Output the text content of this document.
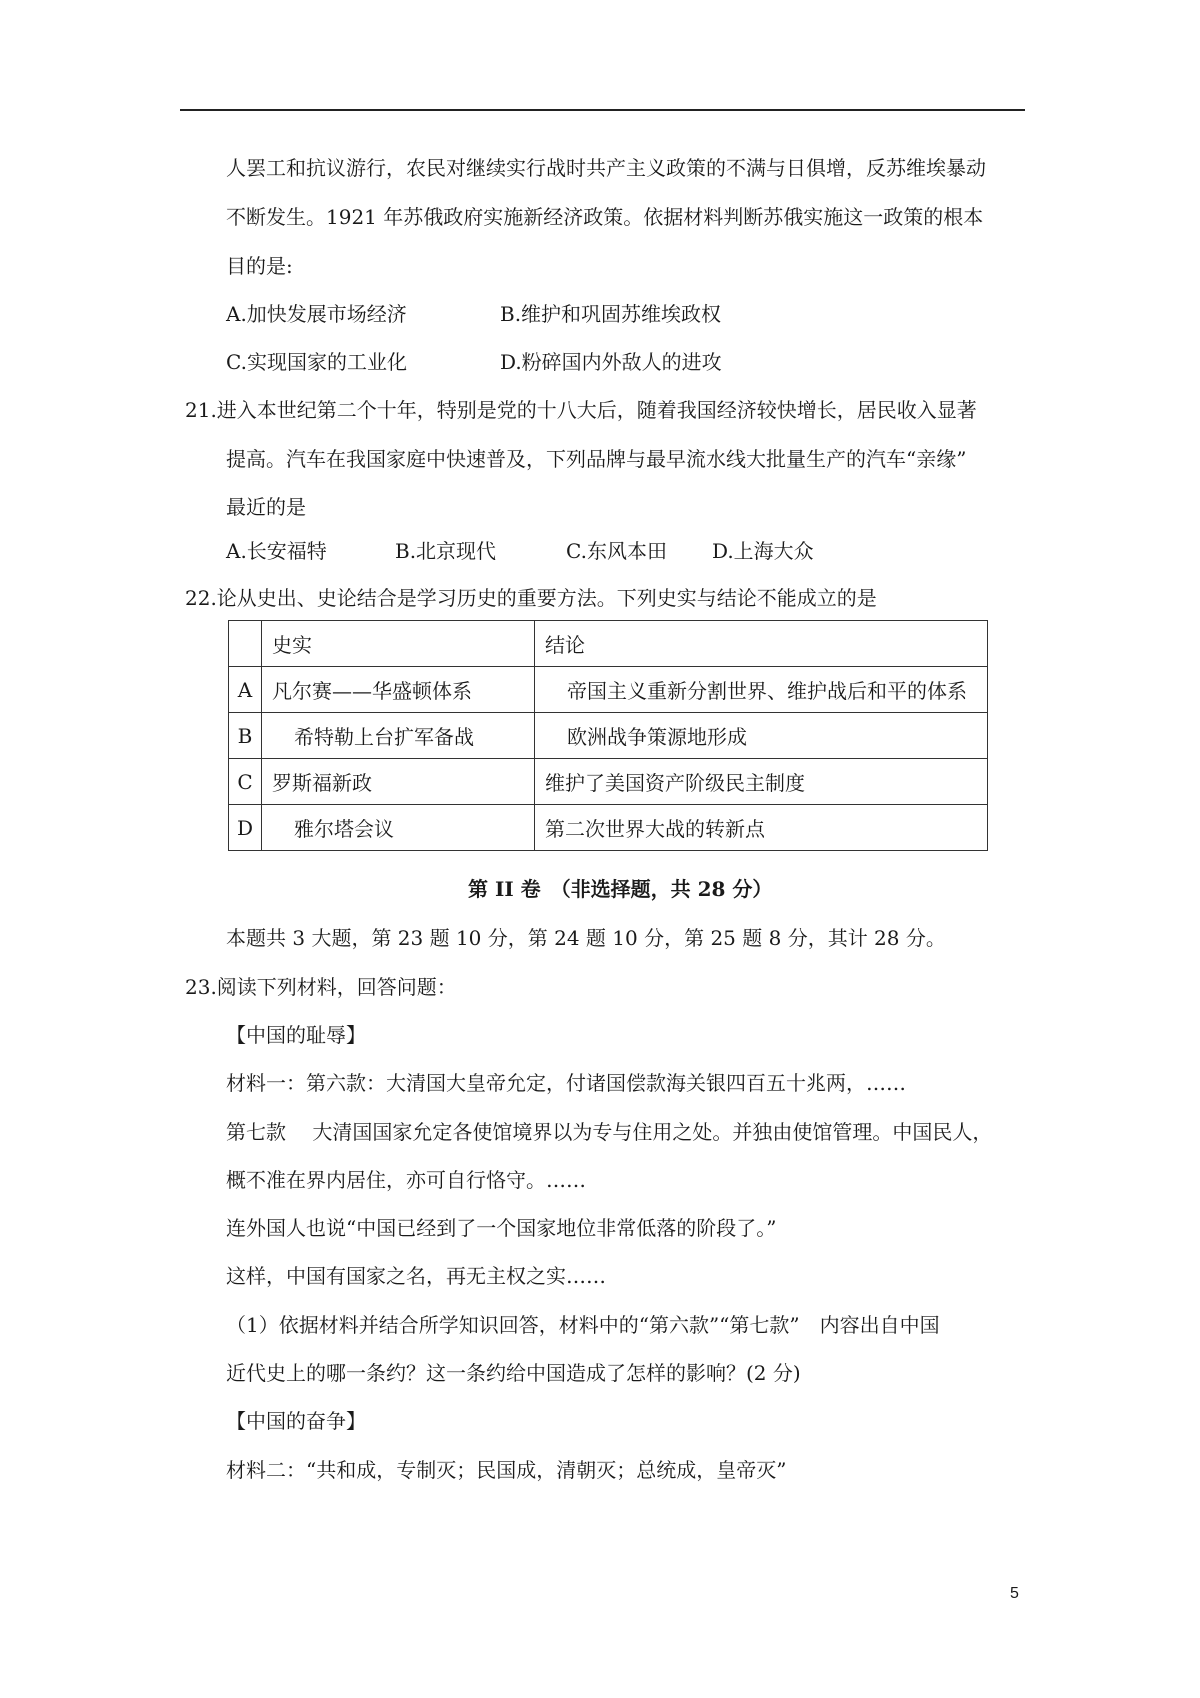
人罢工和抗议游行，农民对继续实行战时共产主义政策的不满与日俱增，反苏维埃暴动
不断发生。1921 年苏俄政府实施新经济政策。依据材料判断苏俄实施这一政策的根本
目的是:
A.加快发展市场经济	B.维护和巩固苏维埃政权
C.实现国家的工业化	D.粉碎国内外敌人的进攻
21.进入本世纪第二个十年，特别是党的十八大后，随着我国经济较快增长，居民收入显著
提高。汽车在我国家庭中快速普及，下列品牌与最早流水线大批量生产的汽车“亲缘”
最近的是
A.长安福特	B.北京现代	C.东风本田 D.上海大众
22.论从史出、史论结合是学习历史的重要方法。下列史实与结论不能成立的是
	史实	结论
A	凡尔赛——华盛顿体系	帝国主义重新分割世界、维护战后和平的体系
B	希特勒上台扩军备战	欧洲战争策源地形成
C	罗斯福新政	维护了美国资产阶级民主制度
D	雅尔塔会议	第二次世界大战的转新点
第 II 卷　（非选择题，共 28 分）
本题共 3 大题，第 23 题 10 分，第 24 题 10 分，第 25 题 8 分，其计 28 分。
23.阅读下列材料，回答问题：
【中国的耻辱】
材料一：第六款：大清国大皇帝允定，付诸国偿款海关银四百五十兆两，……
第七款　 大清国国家允定各使馆境界以为专与住用之处。并独由使馆管理。中国民人，
概不准在界内居住，亦可自行恪守。……
连外国人也说“中国已经到了一个国家地位非常低落的阶段了。”
这样，中国有国家之名，再无主权之实……
（1）依据材料并结合所学知识回答，材料中的“第六款”“第七款”　内容出自中国
近代史上的哪一条约？这一条约给中国造成了怎样的影响？(2 分)
【中国的奋争】
材料二：“共和成，专制灭；民国成，清朝灭；总统成，皇帝灭”
5
